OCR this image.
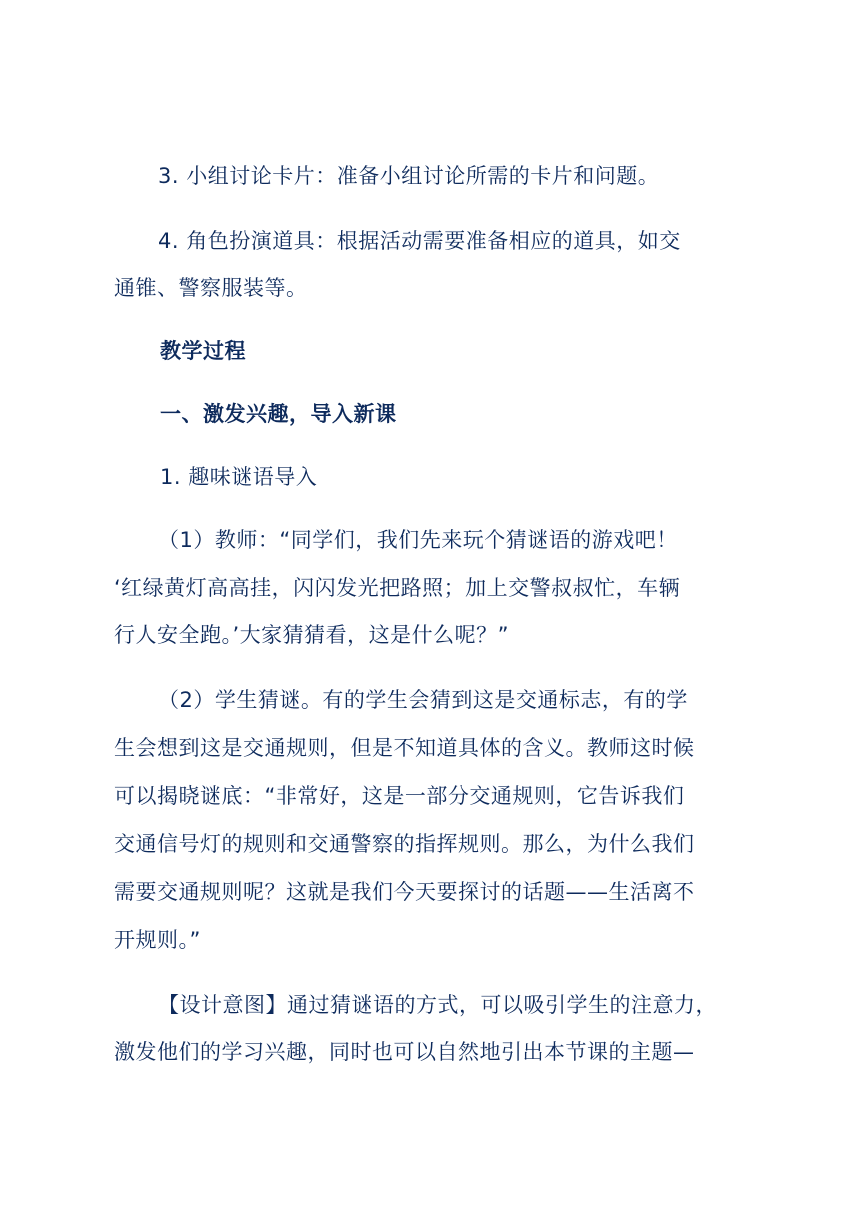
3. 小组讨论卡片：准备小组讨论所需的卡片和问题。
4. 角色扮演道具：根据活动需要准备相应的道具，如交
通锥、警察服装等。
教学过程
一、激发兴趣，导入新课
1. 趣味谜语导入
（1）教师：“同学们，我们先来玩个猜谜语的游戏吧！
‘红绿黄灯高高挂，闪闪发光把路照；加上交警叔叔忙，车辆
行人安全跑。’大家猜猜看，这是什么呢？”
（2）学生猜谜。有的学生会猜到这是交通标志，有的学
生会想到这是交通规则，但是不知道具体的含义。教师这时候
可以揭晓谜底：“非常好，这是一部分交通规则，它告诉我们
交通信号灯的规则和交通警察的指挥规则。那么，为什么我们
需要交通规则呢？这就是我们今天要探讨的话题——生活离不
开规则。”
【设计意图】通过猜谜语的方式，可以吸引学生的注意力，
激发他们的学习兴趣，同时也可以自然地引出本节课的主题—
